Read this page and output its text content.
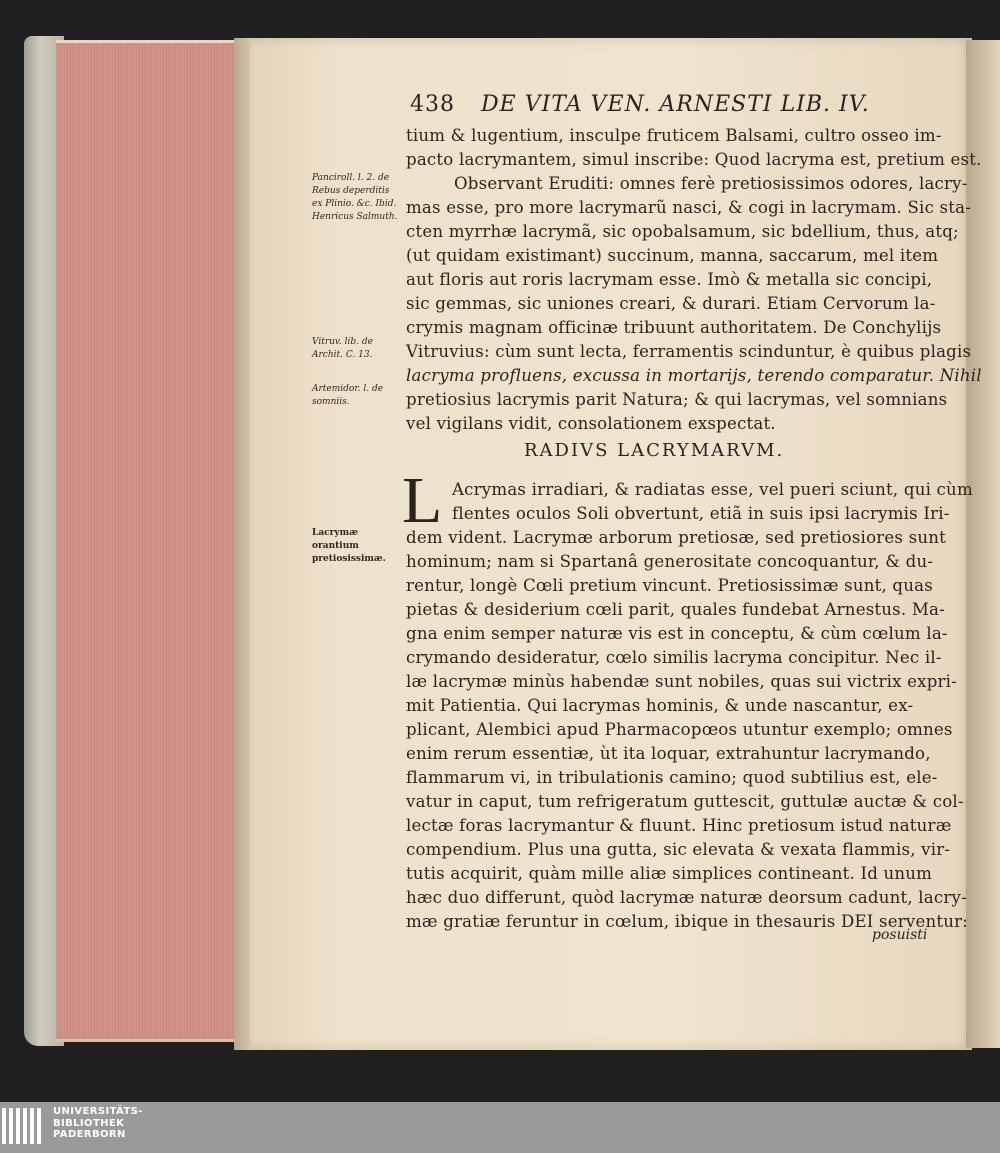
438 DE VITA VEN. ARNESTI LIB. IV.
Panciroll. l. 2. de Rebus deperditis ex Plinio. &c. Ibid. Henricus Salmuth.
Vitruv. lib. de Archit. C. 13.
Artemidor. l. de somniis.
Lacrymæ orantium pretiosissimæ.
tium & lugentium, insculpe fruticem Balsami, cultro osseo im-
pacto lacrymantem, simul inscribe: Quod lacryma est, pretium est.
Observant Eruditi: omnes ferè pretiosissimos odores, lacry-
mas esse, pro more lacrymarũ nasci, & cogi in lacrymam. Sic sta-
cten myrrhæ lacrymã, sic opobalsamum, sic bdellium, thus, atq;
(ut quidam existimant) succinum, manna, saccarum, mel item
aut floris aut roris lacrymam esse. Imò & metalla sic concipi,
sic gemmas, sic uniones creari, & durari. Etiam Cervorum la-
crymis magnam officinæ tribuunt authoritatem. De Conchylijs
Vitruvius: cùm sunt lecta, ferramentis scinduntur, è quibus plagis
lacryma profluens, excussa in mortarijs, terendo comparatur. Nihil
pretiosius lacrymis parit Natura; & qui lacrymas, vel somnians
vel vigilans vidit, consolationem exspectat.
RADIVS LACRYMARVM.
L Acrymas irradiari, & radiatas esse, vel pueri sciunt, qui cùm
flentes oculos Soli obvertunt, etiã in suis ipsi lacrymis Iri-
dem vident. Lacrymæ arborum pretiosæ, sed pretiosiores sunt
hominum; nam si Spartanâ generositate concoquantur, & du-
rentur, longè Cœli pretium vincunt. Pretiosissimæ sunt, quas
pietas & desiderium cœli parit, quales fundebat Arnestus. Ma-
gna enim semper naturæ vis est in conceptu, & cùm cœlum la-
crymando desideratur, cœlo similis lacryma concipitur. Nec il-
læ lacrymæ minùs habendæ sunt nobiles, quas sui victrix expri-
mit Patientia. Qui lacrymas hominis, & unde nascantur, ex-
plicant, Alembici apud Pharmacopœos utuntur exemplo; omnes
enim rerum essentiæ, ùt ita loquar, extrahuntur lacrymando,
flammarum vi, in tribulationis camino; quod subtilius est, ele-
vatur in caput, tum refrigeratum guttescit, guttulæ auctæ & col-
lectæ foras lacrymantur & fluunt. Hinc pretiosum istud naturæ
compendium. Plus una gutta, sic elevata & vexata flammis, vir-
tutis acquirit, quàm mille aliæ simplices contineant. Id unum
hæc duo differunt, quòd lacrymæ naturæ deorsum cadunt, lacry-
mæ gratiæ feruntur in cœlum, ibique in thesauris DEI serventur:
posuisti
UNIVERSITÄTS-
BIBLIOTHEK
PADERBORN
